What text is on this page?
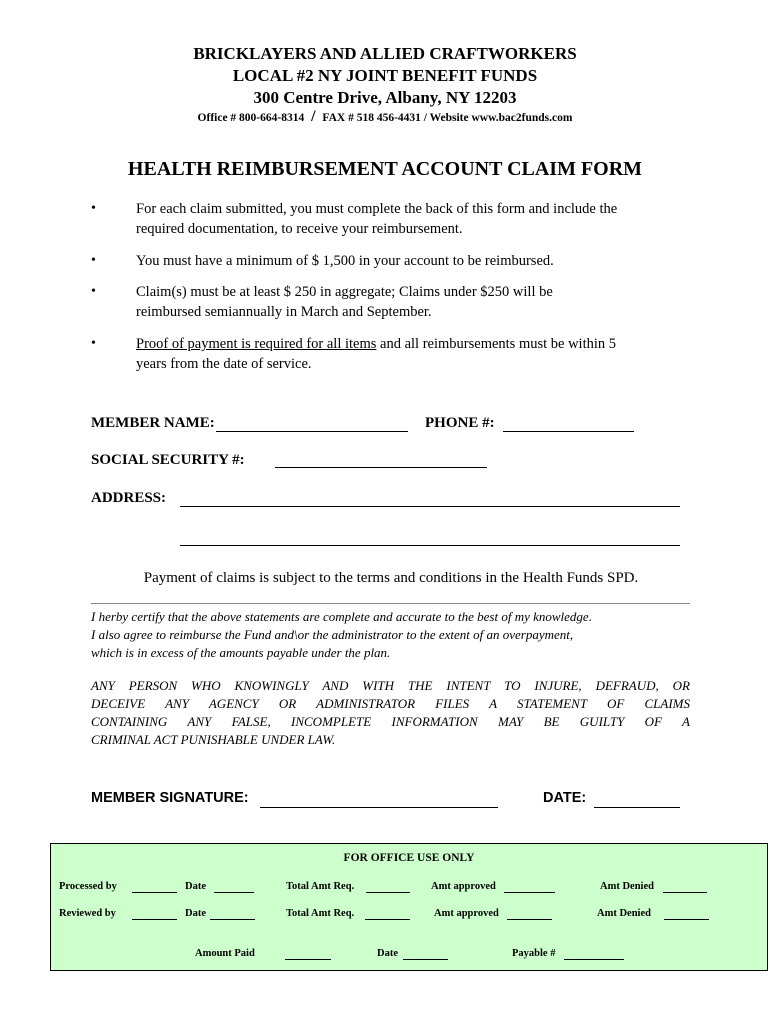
BRICKLAYERS AND ALLIED CRAFTWORKERS
LOCAL #2 NY JOINT BENEFIT FUNDS
300 Centre Drive, Albany, NY 12203
Office # 800-664-8314 / FAX # 518 456-4431 / Website www.bac2funds.com
HEALTH REIMBURSEMENT ACCOUNT CLAIM FORM
•	For each claim submitted, you must complete the back of this form and include the
required documentation, to receive your reimbursement.
•	You must have a minimum of $ 1,500 in your account to be reimbursed.
•	Claim(s) must be at least $ 250 in aggregate; Claims under $250 will be
reimbursed semiannually in March and September.
•	Proof of payment is required for all items and all reimbursements must be within 5
years from the date of service.
MEMBER NAME:	PHONE #:
SOCIAL SECURITY #:
ADDRESS:
Payment of claims is subject to the terms and conditions in the Health Funds SPD.
I herby certify that the above statements are complete and accurate to the best of my knowledge.
I also agree to reimburse the Fund and\or the administrator to the extent of an overpayment,
which is in excess of the amounts payable under the plan.
ANY PERSON WHO KNOWINGLY AND WITH THE INTENT TO INJURE, DEFRAUD, OR
DECEIVE ANY AGENCY OR ADMINISTRATOR FILES A STATEMENT OF CLAIMS
CONTAINING ANY FALSE, INCOMPLETE INFORMATION MAY BE GUILTY OF A
CRIMINAL ACT PUNISHABLE UNDER LAW.
MEMBER SIGNATURE:	DATE:
FOR OFFICE USE ONLY
Processed by	Date	Total Amt Req.	Amt approved	Amt Denied
Reviewed by	Date	Total Amt Req.	Amt approved	Amt Denied
Amount Paid	Date	Payable #
